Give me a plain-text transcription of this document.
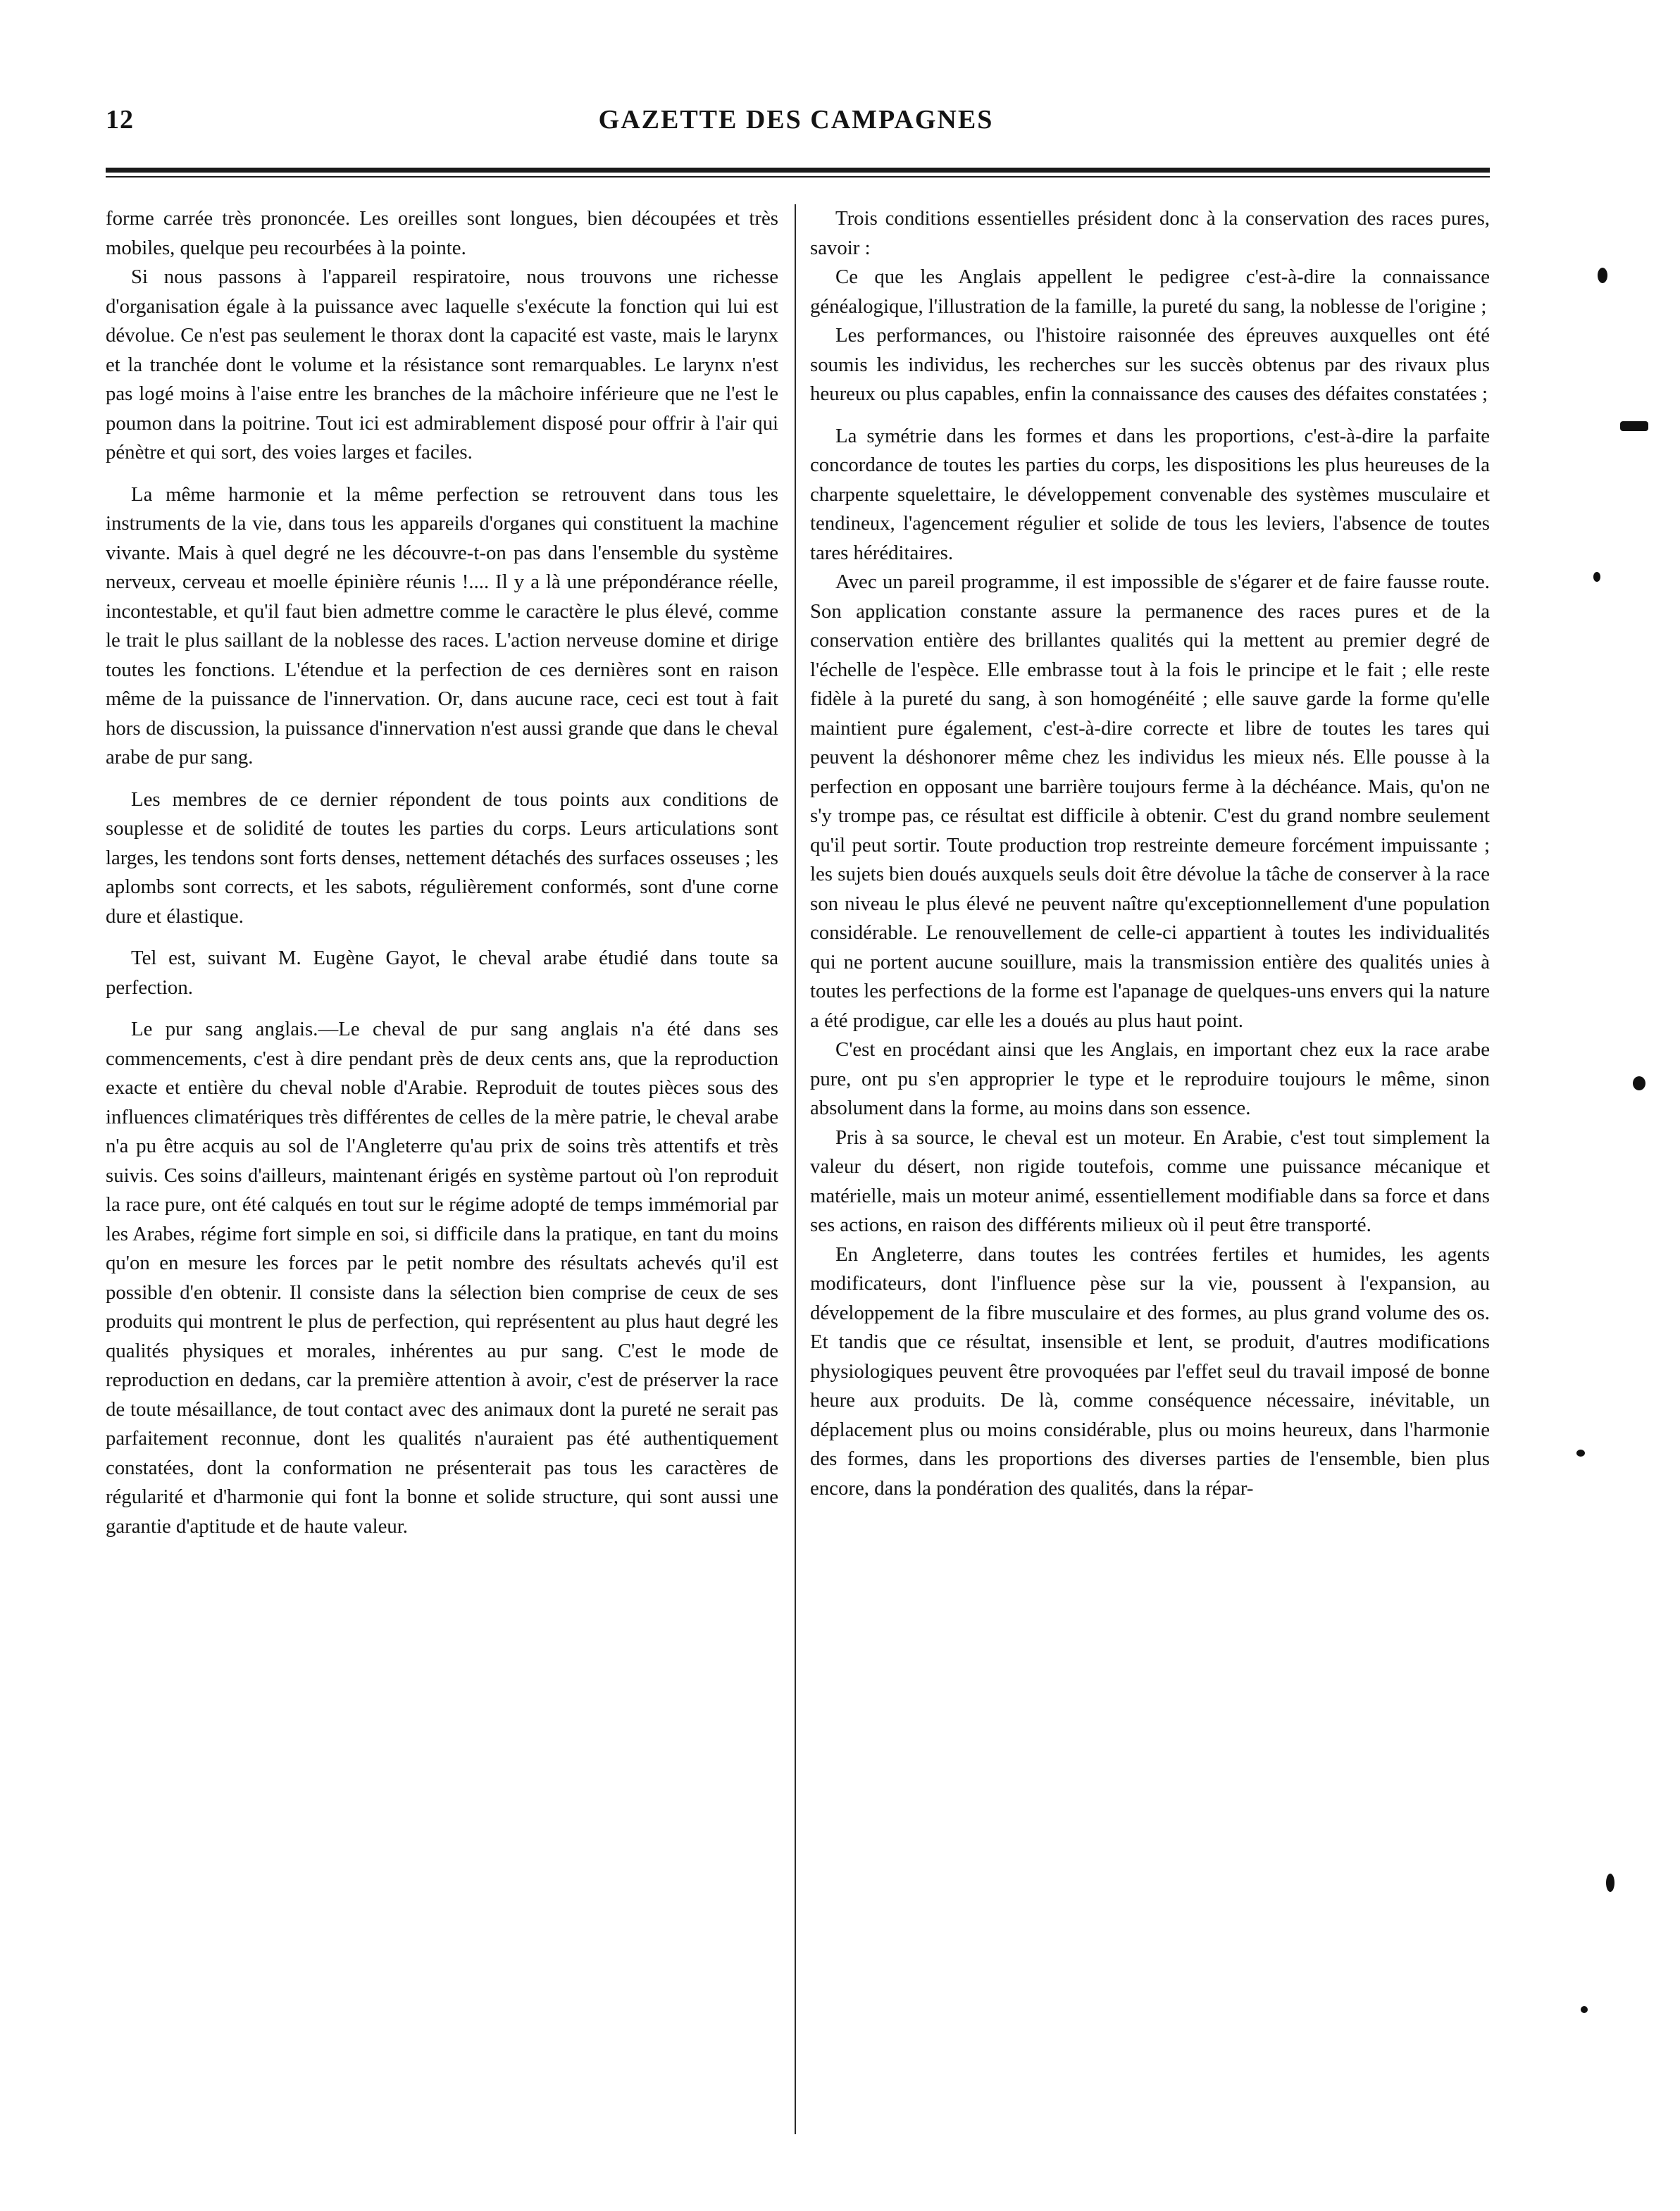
12	GAZETTE DES CAMPAGNES

forme carrée très prononcée. Les oreilles sont longues, bien découpées et très mobiles, quelque peu recourbées à la pointe.

Si nous passons à l'appareil respiratoire, nous trouvons une richesse d'organisation égale à la puissance avec laquelle s'exécute la fonction qui lui est dévolue. Ce n'est pas seulement le thorax dont la capacité est vaste, mais le larynx et la tranchée dont le volume et la résistance sont remarquables. Le larynx n'est pas logé moins à l'aise entre les branches de la mâchoire inférieure que ne l'est le poumon dans la poitrine. Tout ici est admirablement disposé pour offrir à l'air qui pénètre et qui sort, des voies larges et faciles.

La même harmonie et la même perfection se retrouvent dans tous les instruments de la vie, dans tous les appareils d'organes qui constituent la machine vivante. Mais à quel degré ne les découvre-t-on pas dans l'ensemble du système nerveux, cerveau et moelle épinière réunis !.... Il y a là une prépondérance réelle, incontestable, et qu'il faut bien admettre comme le caractère le plus élevé, comme le trait le plus saillant de la noblesse des races. L'action nerveuse domine et dirige toutes les fonctions. L'étendue et la perfection de ces dernières sont en raison même de la puissance de l'innervation. Or, dans aucune race, ceci est tout à fait hors de discussion, la puissance d'innervation n'est aussi grande que dans le cheval arabe de pur sang.

Les membres de ce dernier répondent de tous points aux conditions de souplesse et de solidité de toutes les parties du corps. Leurs articulations sont larges, les tendons sont forts denses, nettement détachés des surfaces osseuses ; les aplombs sont corrects, et les sabots, régulièrement conformés, sont d'une corne dure et élastique.

Tel est, suivant M. Eugène Gayot, le cheval arabe étudié dans toute sa perfection.

Le pur sang anglais.—Le cheval de pur sang anglais n'a été dans ses commencements, c'est à dire pendant près de deux cents ans, que la reproduction exacte et entière du cheval noble d'Arabie. Reproduit de toutes pièces sous des influences climatériques très différentes de celles de la mère patrie, le cheval arabe n'a pu être acquis au sol de l'Angleterre qu'au prix de soins très attentifs et très suivis. Ces soins d'ailleurs, maintenant érigés en système partout où l'on reproduit la race pure, ont été calqués en tout sur le régime adopté de temps immémorial par les Arabes, régime fort simple en soi, si difficile dans la pratique, en tant du moins qu'on en mesure les forces par le petit nombre des résultats achevés qu'il est possible d'en obtenir. Il consiste dans la sélection bien comprise de ceux de ses produits qui montrent le plus de perfection, qui représentent au plus haut degré les qualités physiques et morales, inhérentes au pur sang. C'est le mode de reproduction en dedans, car la première attention à avoir, c'est de préserver la race de toute mésaillance, de tout contact avec des animaux dont la pureté ne serait pas parfaitement reconnue, dont les qualités n'auraient pas été authentiquement constatées, dont la conformation ne présenterait pas tous les caractères de régularité et d'harmonie qui font la bonne et solide structure, qui sont aussi une garantie d'aptitude et de haute valeur.

Trois conditions essentielles président donc à la conservation des races pures, savoir :

Ce que les Anglais appellent le pedigree c'est-à-dire la connaissance généalogique, l'illustration de la famille, la pureté du sang, la noblesse de l'origine ;

Les performances, ou l'histoire raisonnée des épreuves auxquelles ont été soumis les individus, les recherches sur les succès obtenus par des rivaux plus heureux ou plus capables, enfin la connaissance des causes des défaites constatées ;

La symétrie dans les formes et dans les proportions, c'est-à-dire la parfaite concordance de toutes les parties du corps, les dispositions les plus heureuses de la charpente squelettaire, le développement convenable des systèmes musculaire et tendineux, l'agencement régulier et solide de tous les leviers, l'absence de toutes tares héréditaires.

Avec un pareil programme, il est impossible de s'égarer et de faire fausse route. Son application constante assure la permanence des races pures et de la conservation entière des brillantes qualités qui la mettent au premier degré de l'échelle de l'espèce. Elle embrasse tout à la fois le principe et le fait ; elle reste fidèle à la pureté du sang, à son homogénéité ; elle sauve garde la forme qu'elle maintient pure également, c'est-à-dire correcte et libre de toutes les tares qui peuvent la déshonorer même chez les individus les mieux nés. Elle pousse à la perfection en opposant une barrière toujours ferme à la déchéance. Mais, qu'on ne s'y trompe pas, ce résultat est difficile à obtenir. C'est du grand nombre seulement qu'il peut sortir. Toute production trop restreinte demeure forcément impuissante ; les sujets bien doués auxquels seuls doit être dévolue la tâche de conserver à la race son niveau le plus élevé ne peuvent naître qu'exceptionnellement d'une population considérable. Le renouvellement de celle-ci appartient à toutes les individualités qui ne portent aucune souillure, mais la transmission entière des qualités unies à toutes les perfections de la forme est l'apanage de quelques-uns envers qui la nature a été prodigue, car elle les a doués au plus haut point.

C'est en procédant ainsi que les Anglais, en important chez eux la race arabe pure, ont pu s'en approprier le type et le reproduire toujours le même, sinon absolument dans la forme, au moins dans son essence.

Pris à sa source, le cheval est un moteur. En Arabie, c'est tout simplement la valeur du désert, non rigide toutefois, comme une puissance mécanique et matérielle, mais un moteur animé, essentiellement modifiable dans sa force et dans ses actions, en raison des différents milieux où il peut être transporté.

En Angleterre, dans toutes les contrées fertiles et humides, les agents modificateurs, dont l'influence pèse sur la vie, poussent à l'expansion, au développement de la fibre musculaire et des formes, au plus grand volume des os. Et tandis que ce résultat, insensible et lent, se produit, d'autres modifications physiologiques peuvent être provoquées par l'effet seul du travail imposé de bonne heure aux produits. De là, comme conséquence nécessaire, inévitable, un déplacement plus ou moins considérable, plus ou moins heureux, dans l'harmonie des formes, dans les proportions des diverses parties de l'ensemble, bien plus encore, dans la pondération des qualités, dans la répar-
